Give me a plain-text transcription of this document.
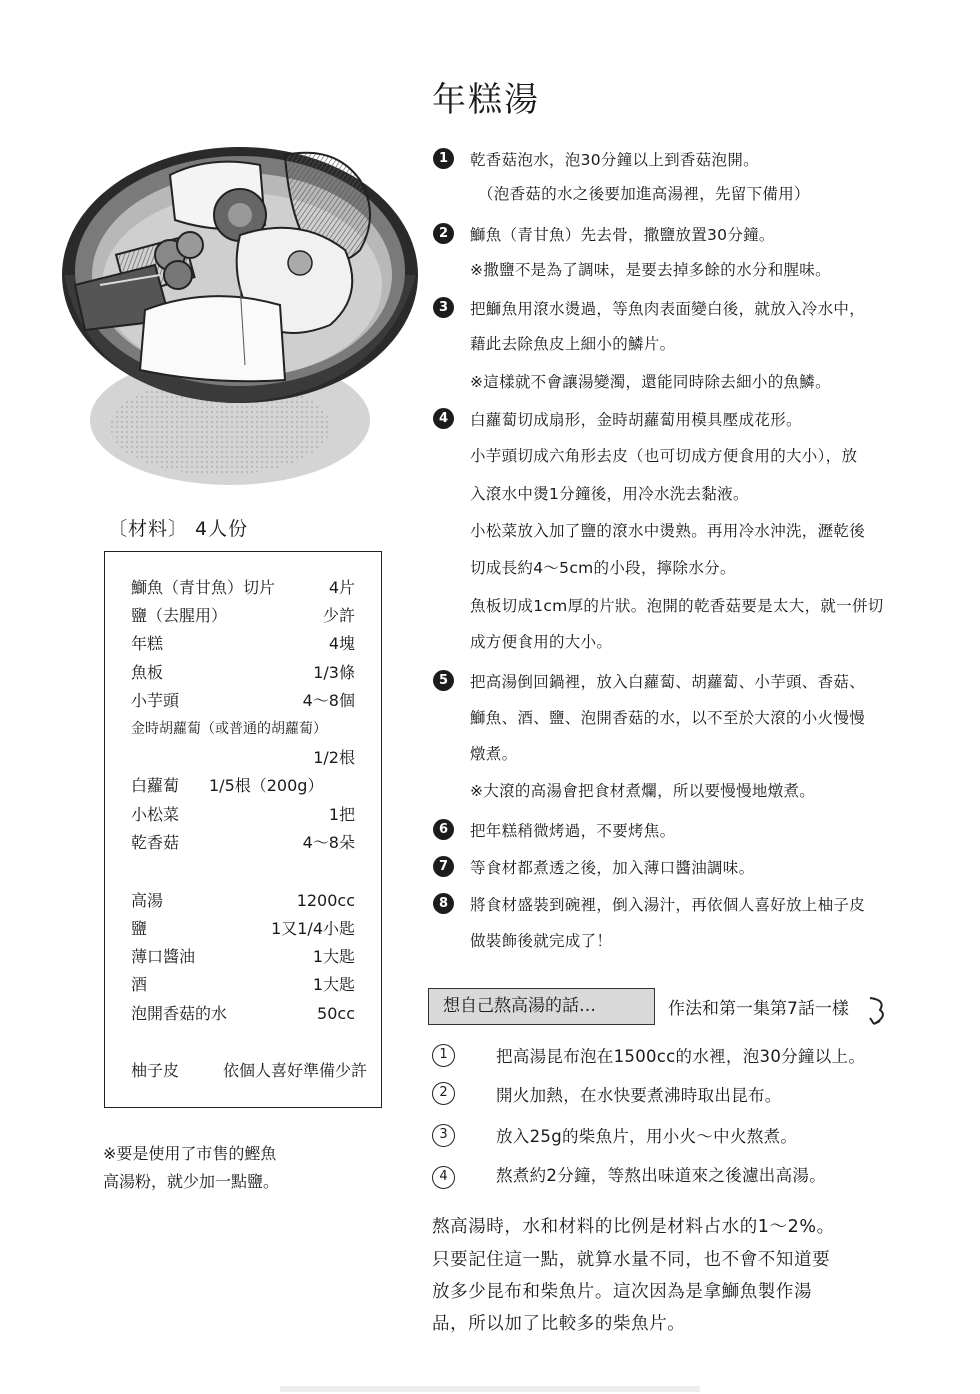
年糕湯
〔材料〕 4人份
鰤魚（青甘魚）切片	4片
鹽（去腥用）	少許
年糕	4塊
魚板	1/3條
小芋頭	4～8個
金時胡蘿蔔（或普通的胡蘿蔔）
1/2根
白蘿蔔 1/5根（200g）
小松菜	1把
乾香菇	4～8朵
高湯	1200cc
鹽	1又1/4小匙
薄口醬油	1大匙
酒	1大匙
泡開香菇的水	50cc
柚子皮	依個人喜好準備少許
※要是使用了市售的鰹魚
高湯粉，就少加一點鹽。
1	乾香菇泡水，泡30分鐘以上到香菇泡開。
（泡香菇的水之後要加進高湯裡，先留下備用）
2	鰤魚（青甘魚）先去骨，撒鹽放置30分鐘。
※撒鹽不是為了調味，是要去掉多餘的水分和腥味。
3	把鰤魚用滾水燙過，等魚肉表面變白後，就放入冷水中，
藉此去除魚皮上細小的鱗片。
※這樣就不會讓湯變濁，還能同時除去細小的魚鱗。
4	白蘿蔔切成扇形，金時胡蘿蔔用模具壓成花形。
小芋頭切成六角形去皮（也可切成方便食用的大小），放
入滾水中燙1分鐘後，用冷水洗去黏液。
小松菜放入加了鹽的滾水中燙熟。再用冷水沖洗，瀝乾後
切成長約4～5cm的小段，擰除水分。
魚板切成1cm厚的片狀。泡開的乾香菇要是太大，就一併切
成方便食用的大小。
5	把高湯倒回鍋裡，放入白蘿蔔、胡蘿蔔、小芋頭、香菇、
鰤魚、酒、鹽、泡開香菇的水，以不至於大滾的小火慢慢
燉煮。
※大滾的高湯會把食材煮爛，所以要慢慢地燉煮。
6	把年糕稍微烤過，不要烤焦。
7	等食材都煮透之後，加入薄口醬油調味。
8	將食材盛裝到碗裡，倒入湯汁，再依個人喜好放上柚子皮
做裝飾後就完成了！
想自己熬高湯的話…	作法和第一集第7話一樣
1	把高湯昆布泡在1500cc的水裡，泡30分鐘以上。
2	開火加熱，在水快要煮沸時取出昆布。
3	放入25g的柴魚片，用小火～中火熬煮。
4	熬煮約2分鐘，等熬出味道來之後濾出高湯。
熬高湯時，水和材料的比例是材料占水的1～2%。
只要記住這一點，就算水量不同，也不會不知道要
放多少昆布和柴魚片。這次因為是拿鰤魚製作湯
品，所以加了比較多的柴魚片。
